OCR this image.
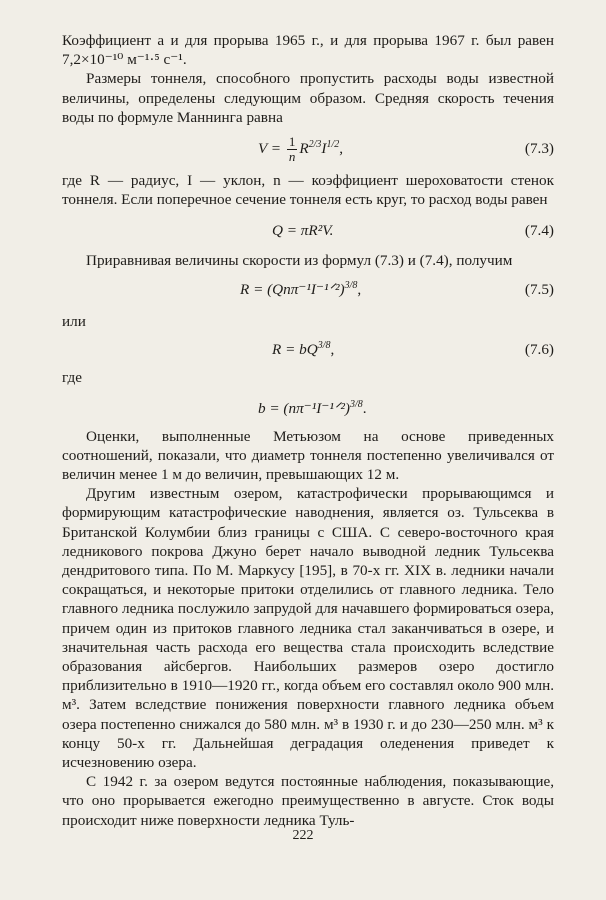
Коэффициент a и для прорыва 1965 г., и для прорыва 1967 г. был равен 7,2×10⁻¹⁰ м⁻¹·⁵ с⁻¹.

Размеры тоннеля, способного пропустить расходы воды известной величины, определены следующим образом. Средняя скорость течения воды по формуле Маннинга равна

$V = \frac{1}{n} R^{2/3}I^{1/2}$,	(7.3)

где R — радиус, I — уклон, n — коэффициент шероховатости стенок тоннеля. Если поперечное сечение тоннеля есть круг, то расход воды равен

Q = πR²V.	(7.4)

Приравнивая величины скорости из формул (7.3) и (7.4), получим

R = (Qnπ⁻¹I⁻¹ᐟ²)$^{3/8}$,	(7.5)
или
$R = bQ^{3/8}$,	(7.6)
где
b = (nπ⁻¹I⁻¹ᐟ²)$^{3/8}$.

Оценки, выполненные Метьюзом на основе приведенных соотношений, показали, что диаметр тоннеля постепенно увеличивался от величин менее 1 м до величин, превышающих 12 м.

Другим известным озером, катастрофически прорывающимся и формирующим катастрофические наводнения, является оз. Тульсеква в Британской Колумбии близ границы с США. С северо-восточного края ледникового покрова Джуно берет начало выводной ледник Тульсеква дендритового типа. По М. Маркусу [195], в 70-х гг. XIX в. ледники начали сокращаться, и некоторые притоки отделились от главного ледника. Тело главного ледника послужило запрудой для начавшего формироваться озера, причем один из притоков главного ледника стал заканчиваться в озере, и значительная часть расхода его вещества стала происходить вследствие образования айсбергов. Наибольших размеров озеро достигло приблизительно в 1910—1920 гг., когда объем его составлял около 900 млн. м³. Затем вследствие понижения поверхности главного ледника объем озера постепенно снижался до 580 млн. м³ в 1930 г. и до 230—250 млн. м³ к концу 50-х гг. Дальнейшая деградация оледенения приведет к исчезновению озера.

С 1942 г. за озером ведутся постоянные наблюдения, показывающие, что оно прорывается ежегодно преимущественно в августе. Сток воды происходит ниже поверхности ледника Туль-

222
